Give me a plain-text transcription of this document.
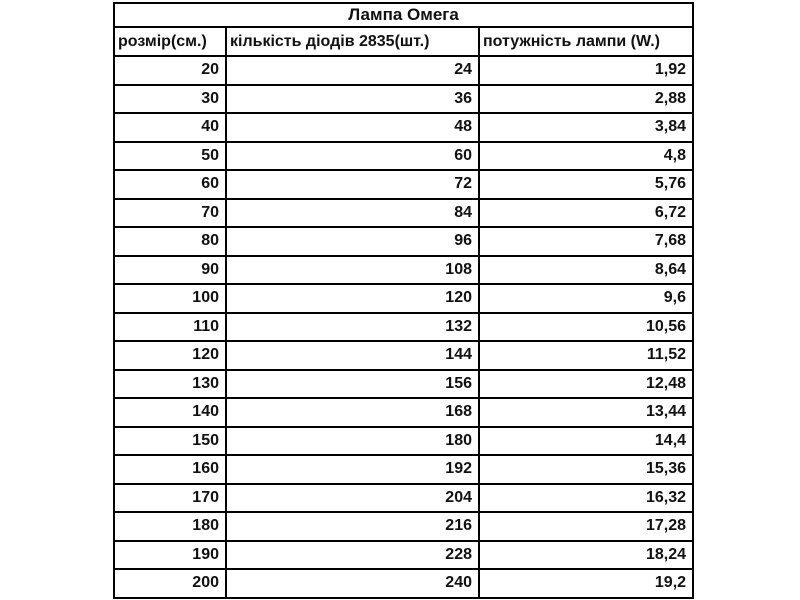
Лампа Омега		
розмір(см.)	кількість діодів 2835(шт.)	потужність лампи (W.)
20	24	1,92
30	36	2,88
40	48	3,84
50	60	4,8
60	72	5,76
70	84	6,72
80	96	7,68
90	108	8,64
100	120	9,6
110	132	10,56
120	144	11,52
130	156	12,48
140	168	13,44
150	180	14,4
160	192	15,36
170	204	16,32
180	216	17,28
190	228	18,24
200	240	19,2
